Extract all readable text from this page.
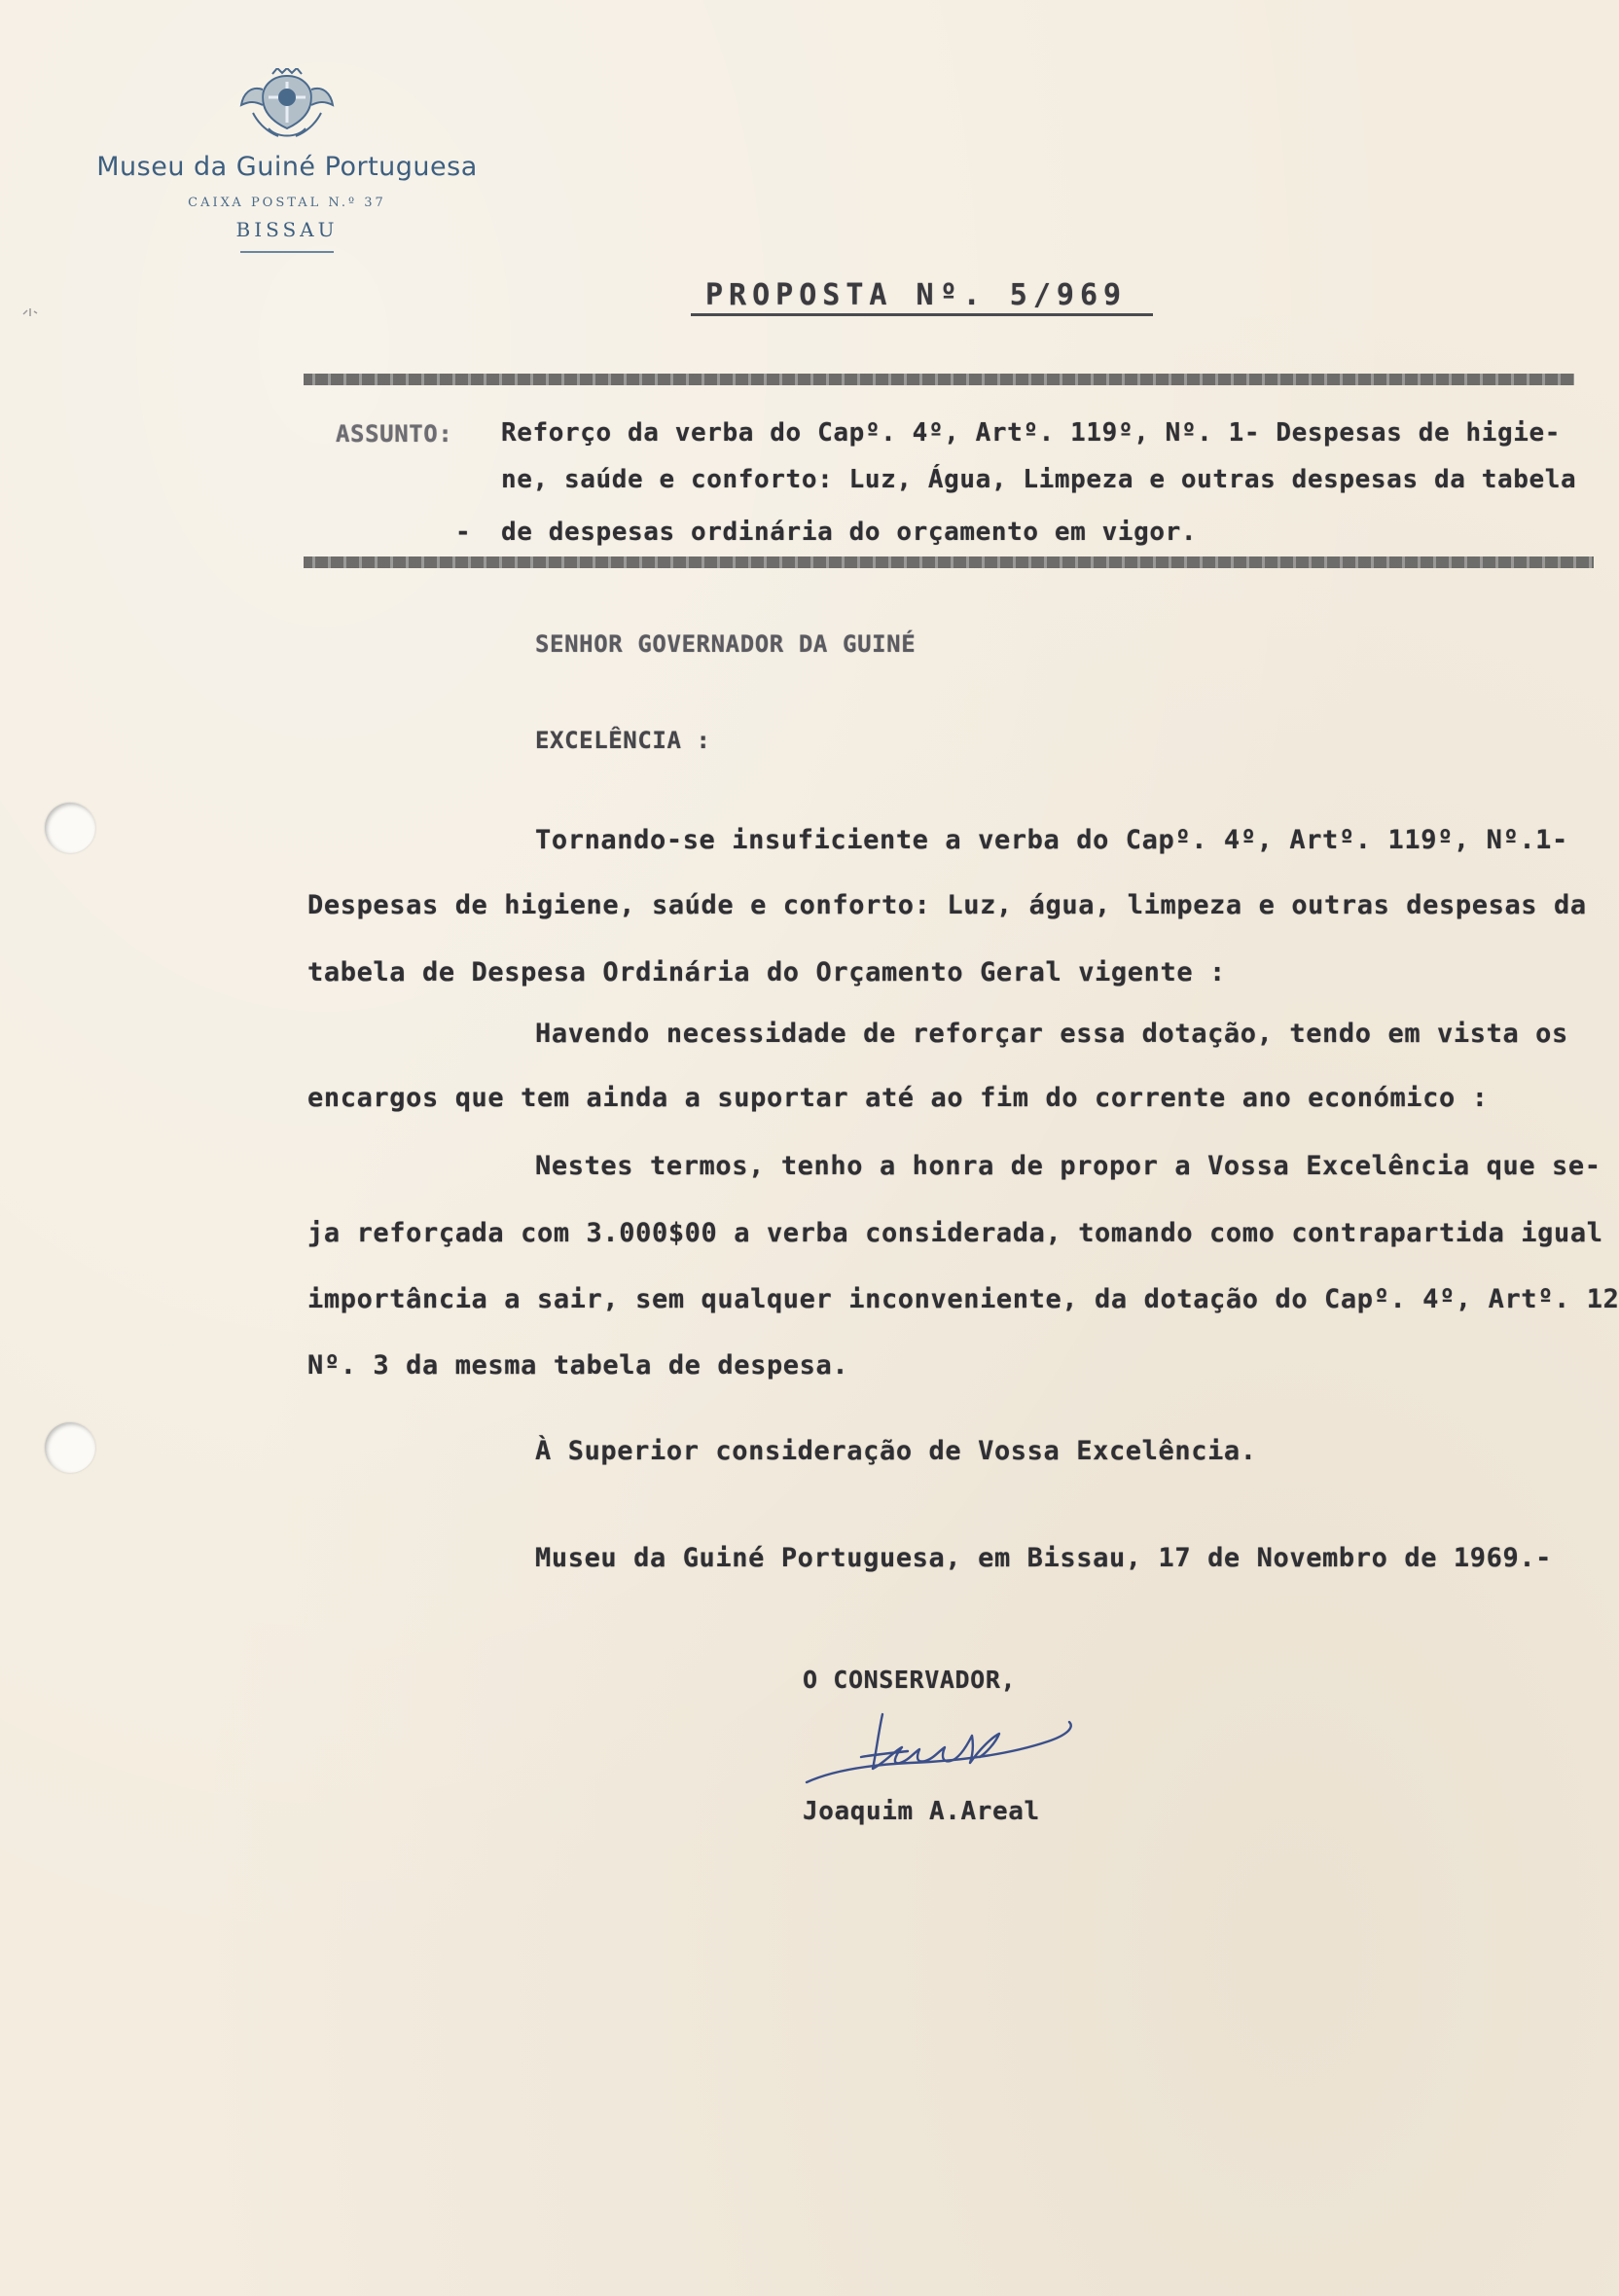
Museu da Guiné Portuguesa
CAIXA POSTAL N.º 37
BISSAU
PROPOSTA Nº. 5/969
ASSUNTO: Reforço da verba do Capº. 4º, Artº. 119º, Nº. 1- Despesas de higie-
ne, saúde e conforto: Luz, Água, Limpeza e outras despesas da tabela
- de despesas ordinária do orçamento em vigor.
SENHOR GOVERNADOR DA GUINÉ
EXCELÊNCIA :
Tornando-se insuficiente a verba do Capº. 4º, Artº. 119º, Nº.1-
Despesas de higiene, saúde e conforto: Luz, água, limpeza e outras despesas da
tabela de Despesa Ordinária do Orçamento Geral vigente :
Havendo necessidade de reforçar essa dotação, tendo em vista os
encargos que tem ainda a suportar até ao fim do corrente ano económico :
Nestes termos, tenho a honra de propor a Vossa Excelência que se-
ja reforçada com 3.000$00 a verba considerada, tomando como contrapartida igual
importância a sair, sem qualquer inconveniente, da dotação do Capº. 4º, Artº. 12
Nº. 3 da mesma tabela de despesa.
À Superior consideração de Vossa Excelência.
Museu da Guiné Portuguesa, em Bissau, 17 de Novembro de 1969.-
O CONSERVADOR,
Joaquim A.Areal
